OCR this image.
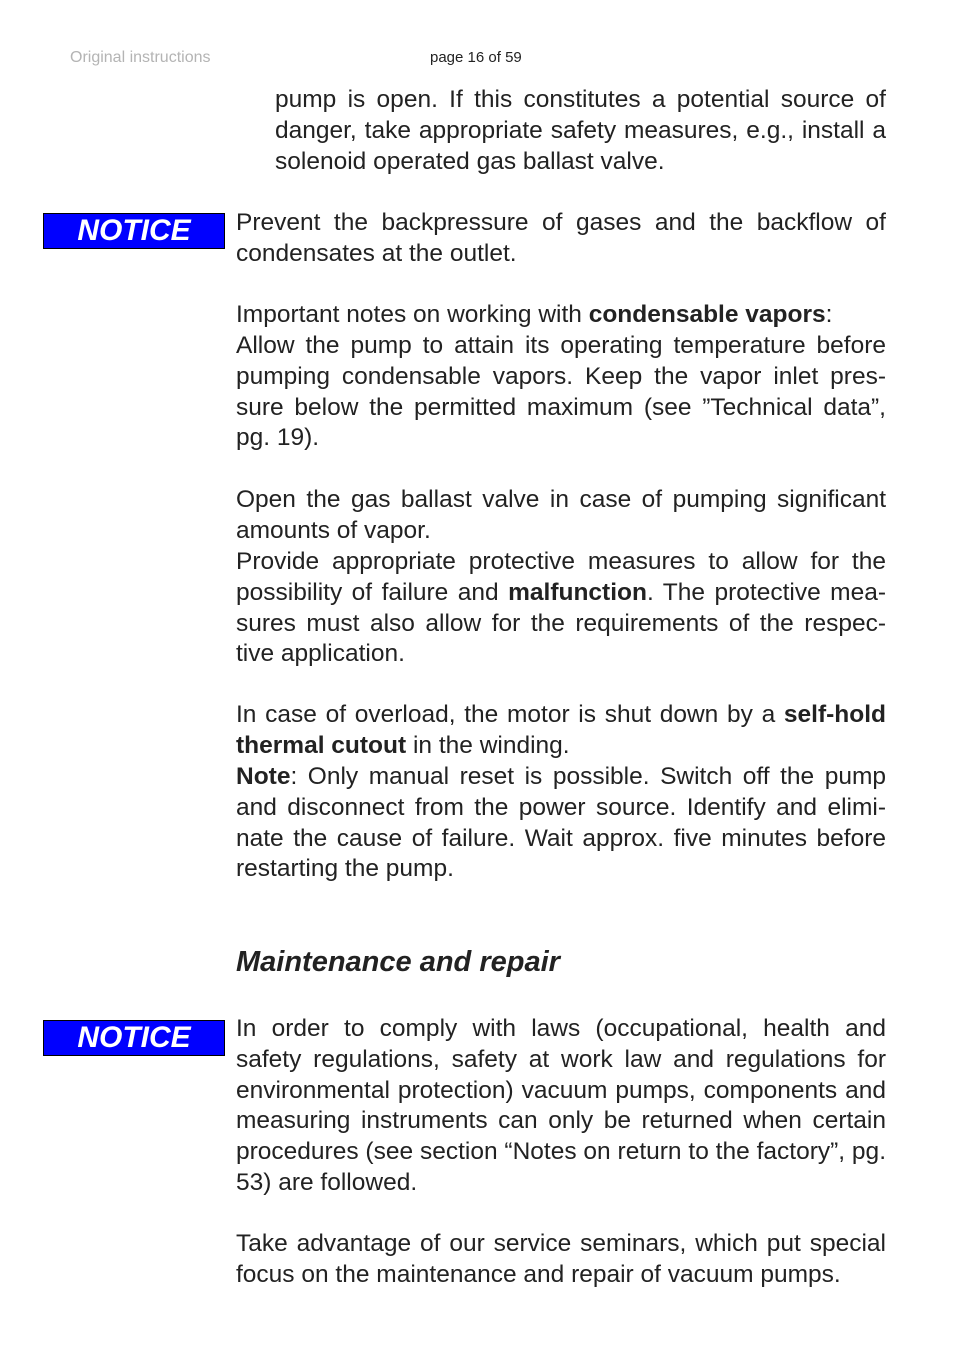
Original instructions	page 16 of 59

pump is open. If this constitutes a potential source of danger, take appropriate safety measures, e.g., install a solenoid operated gas ballast valve.

NOTICE	Prevent the backpressure of gases and the backflow of condensates at the outlet.

Important notes on working with condensable vapors:

Allow the pump to attain its operating temperature before pumping condensable vapors. Keep the vapor inlet pres-sure below the permitted maximum (see ”Technical data”, pg. 19).

Open the gas ballast valve in case of pumping significant amounts of vapor.

Provide appropriate protective measures to allow for the possibility of failure and malfunction. The protective mea-sures must also allow for the requirements of the respec-tive application.

In case of overload, the motor is shut down by a self-hold thermal cutout in the winding.

Note: Only manual reset is possible. Switch off the pump and disconnect from the power source. Identify and elimi-nate the cause of failure. Wait approx. five minutes before restarting the pump.

Maintenance and repair
NOTICE	In order to comply with laws (occupational, health and safety regulations, safety at work law and regulations for environmental protection) vacuum pumps, components and measuring instruments can only be returned when certain procedures (see section “Notes on return to the factory”, pg. 53) are followed.

Take advantage of our service seminars, which put special focus on the maintenance and repair of vacuum pumps.
